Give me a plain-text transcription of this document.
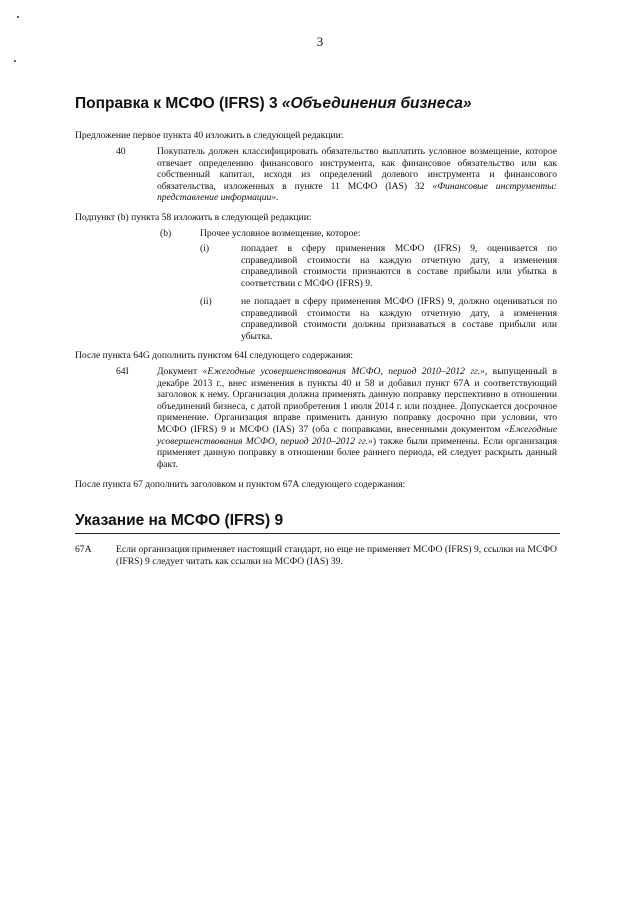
3
Поправка к МСФО (IFRS) 3 «Объединения бизнеса»
Предложение первое пункта 40 изложить в следующей редакции:
40	Покупатель должен классифицировать обязательство выплатить условное возмещение, которое отвечает определению финансового инструмента, как финансовое обязательство или как собственный капитал, исходя из определений долевого инструмента и финансового обязательства, изложенных в пункте 11 МСФО (IAS) 32 «Финансовые инструменты: представление информации».
Подпункт (b) пункта 58 изложить в следующей редакции:
(b)	Прочее условное возмещение, которое:
(i)	попадает в сферу применения МСФО (IFRS) 9, оценивается по справедливой стоимости на каждую отчетную дату, а изменения справедливой стоимости признаются в составе прибыли или убытка в соответствии с МСФО (IFRS) 9.
(ii)	не попадает в сферу применения МСФО (IFRS) 9, должно оцениваться по справедливой стоимости на каждую отчетную дату, а изменения справедливой стоимости должны признаваться в составе прибыли или убытка.
После пункта 64G дополнить пунктом 64I следующего содержания:
64I	Документ «Ежегодные усовершенствования МСФО, период 2010–2012 гг.», выпущенный в декабре 2013 г., внес изменения в пункты 40 и 58 и добавил пункт 67А и соответствующий заголовок к нему. Организация должна применять данную поправку перспективно в отношении объединений бизнеса, с датой приобретения 1 июля 2014 г. или позднее. Допускается досрочное применение. Организация вправе применить данную поправку досрочно при условии, что МСФО (IFRS) 9 и МСФО (IAS) 37 (оба с поправками, внесенными документом «Ежегодные усовершенствования МСФО, период 2010–2012 гг.») также были применены. Если организация применяет данную поправку в отношении более раннего периода, ей следует раскрыть данный факт.
После пункта 67 дополнить заголовком и пунктом 67А следующего содержания:
Указание на МСФО (IFRS) 9
67А	Если организация применяет настоящий стандарт, но еще не применяет МСФО (IFRS) 9, ссылки на МСФО (IFRS) 9 следует читать как ссылки на МСФО (IAS) 39.
